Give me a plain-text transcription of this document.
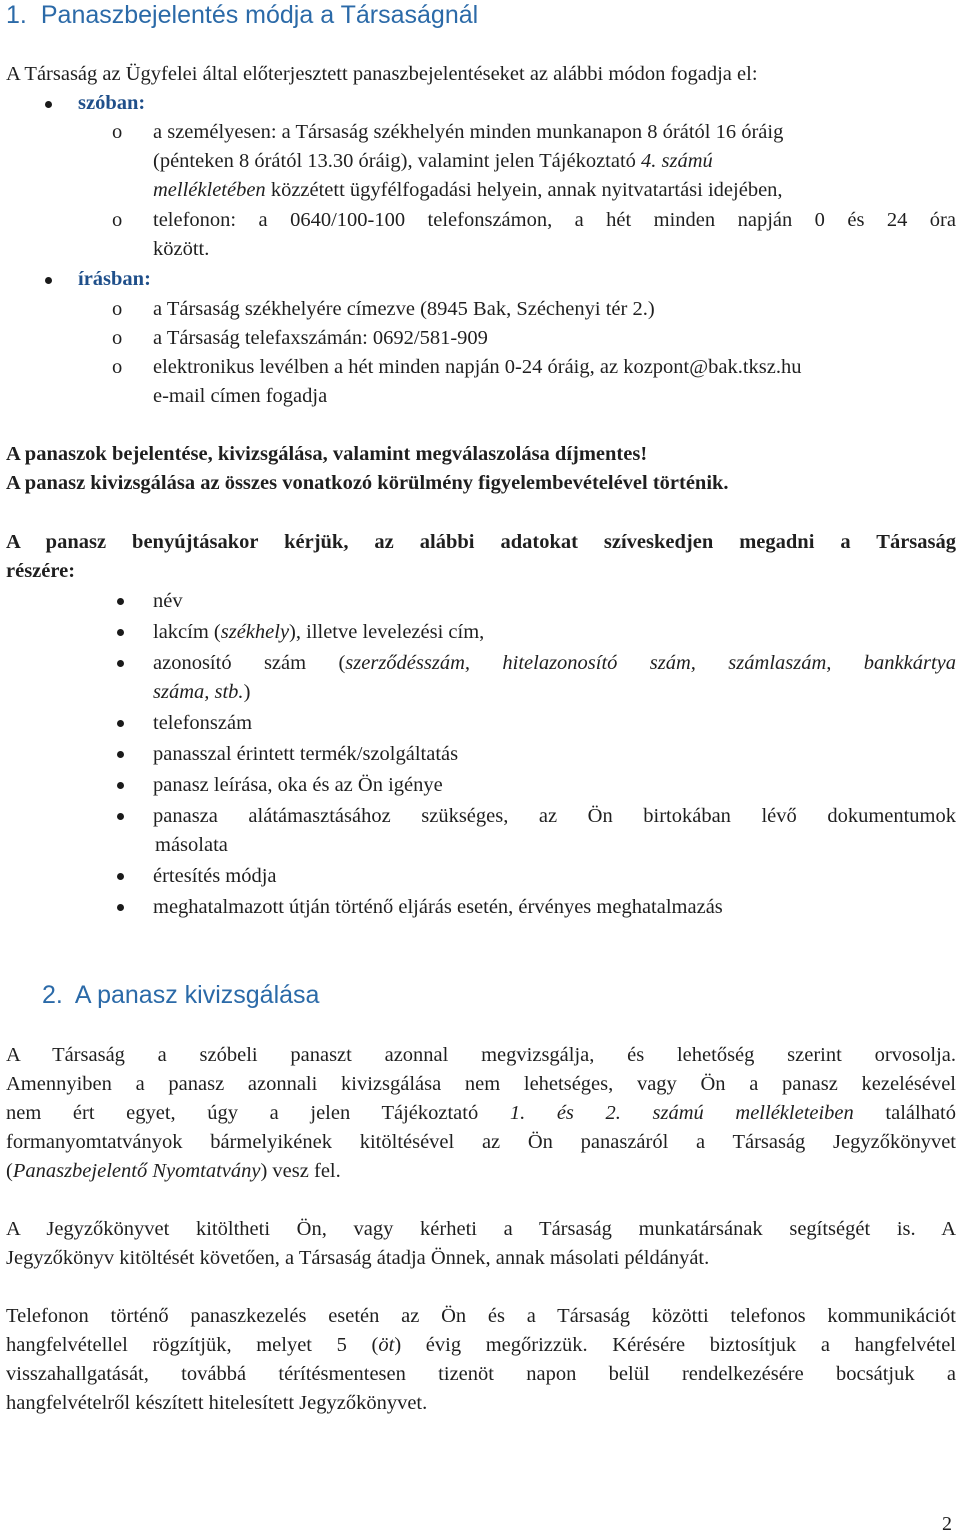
1. Panaszbejelentés módja a Társaságnál
A Társaság az Ügyfelei által előterjesztett panaszbejelentéseket az alábbi módon fogadja el:
szóban:
o a személyesen: a Társaság székhelyén minden munkanapon 8 órától 16 óráig
(pénteken 8 órától 13.30 óráig), valamint jelen Tájékoztató 4. számú
mellékletében közzétett ügyfélfogadási helyein, annak nyitvatartási idejében,
o telefonon: a 0640/100-100 telefonszámon, a hét minden napján 0 és 24 óra
között.
írásban:
o a Társaság székhelyére címezve (8945 Bak, Széchenyi tér 2.)
o a Társaság telefaxszámán: 0692/581-909
o elektronikus levélben a hét minden napján 0-24 óráig, az kozpont@bak.tksz.hu
e-mail címen fogadja
A panaszok bejelentése, kivizsgálása, valamint megválaszolása díjmentes!
A panasz kivizsgálása az összes vonatkozó körülmény figyelembevételével történik.
A panasz benyújtásakor kérjük, az alábbi adatokat szíveskedjen megadni a Társaság
részére:
név
lakcím (székhely), illetve levelezési cím,
azonosító szám (szerződésszám, hitelazonosító szám, számlaszám, bankkártya
száma, stb.)
telefonszám
panasszal érintett termék/szolgáltatás
panasz leírása, oka és az Ön igénye
panasza alátámasztásához szükséges, az Ön birtokában lévő dokumentumok
másolata
értesítés módja
meghatalmazott útján történő eljárás esetén, érvényes meghatalmazás
2. A panasz kivizsgálása
A Társaság a szóbeli panaszt azonnal megvizsgálja, és lehetőség szerint orvosolja.
Amennyiben a panasz azonnali kivizsgálása nem lehetséges, vagy Ön a panasz kezelésével
nem ért egyet, úgy a jelen Tájékoztató 1. és 2. számú mellékleteiben található
formanyomtatványok bármelyikének kitöltésével az Ön panaszáról a Társaság Jegyzőkönyvet
(Panaszbejelentő Nyomtatvány) vesz fel.
A Jegyzőkönyvet kitöltheti Ön, vagy kérheti a Társaság munkatársának segítségét is. A
Jegyzőkönyv kitöltését követően, a Társaság átadja Önnek, annak másolati példányát.
Telefonon történő panaszkezelés esetén az Ön és a Társaság közötti telefonos kommunikációt
hangfelvétellel rögzítjük, melyet 5 (öt) évig megőrizzük. Kérésére biztosítjuk a hangfelvétel
visszahallgatását, továbbá térítésmentesen tizenöt napon belül rendelkezésére bocsátjuk a
hangfelvételről készített hitelesített Jegyzőkönyvet.
2
